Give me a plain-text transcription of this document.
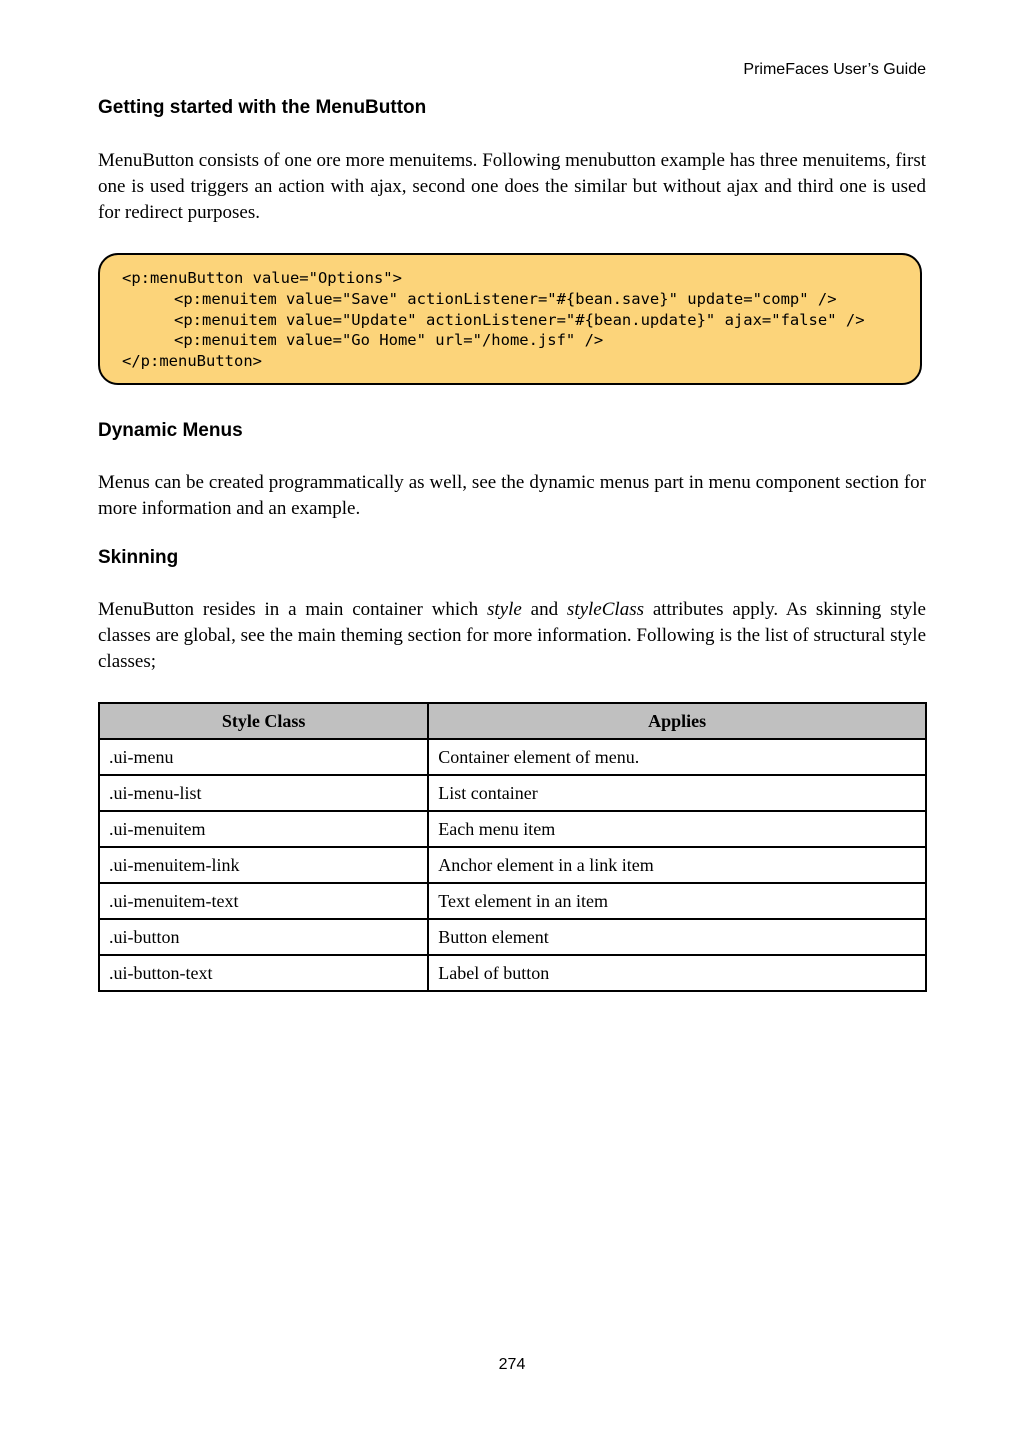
PrimeFaces User’s Guide
Getting started with the MenuButton

MenuButton consists of one ore more menuitems. Following menubutton example has three menuitems, first one is used triggers an action with ajax, second one does the similar but without ajax and third one is used for redirect purposes.

<p:menuButton value="Options">
<p:menuitem value="Save" actionListener="#{bean.save}" update="comp" />
<p:menuitem value="Update" actionListener="#{bean.update}" ajax="false" />
<p:menuitem value="Go Home" url="/home.jsf" />
</p:menuButton>
Dynamic Menus

Menus can be created programmatically as well, see the dynamic menus part in menu component section for more information and an example.

Skinning

MenuButton resides in a main container which style and styleClass attributes apply. As skinning style classes are global, see the main theming section for more information. Following is the list of structural style classes;

Style Class	Applies
.ui-menu	Container element of menu.
.ui-menu-list	List container
.ui-menuitem	Each menu item
.ui-menuitem-link	Anchor element in a link item
.ui-menuitem-text	Text element in an item
.ui-button	Button element
.ui-button-text	Label of button
274
